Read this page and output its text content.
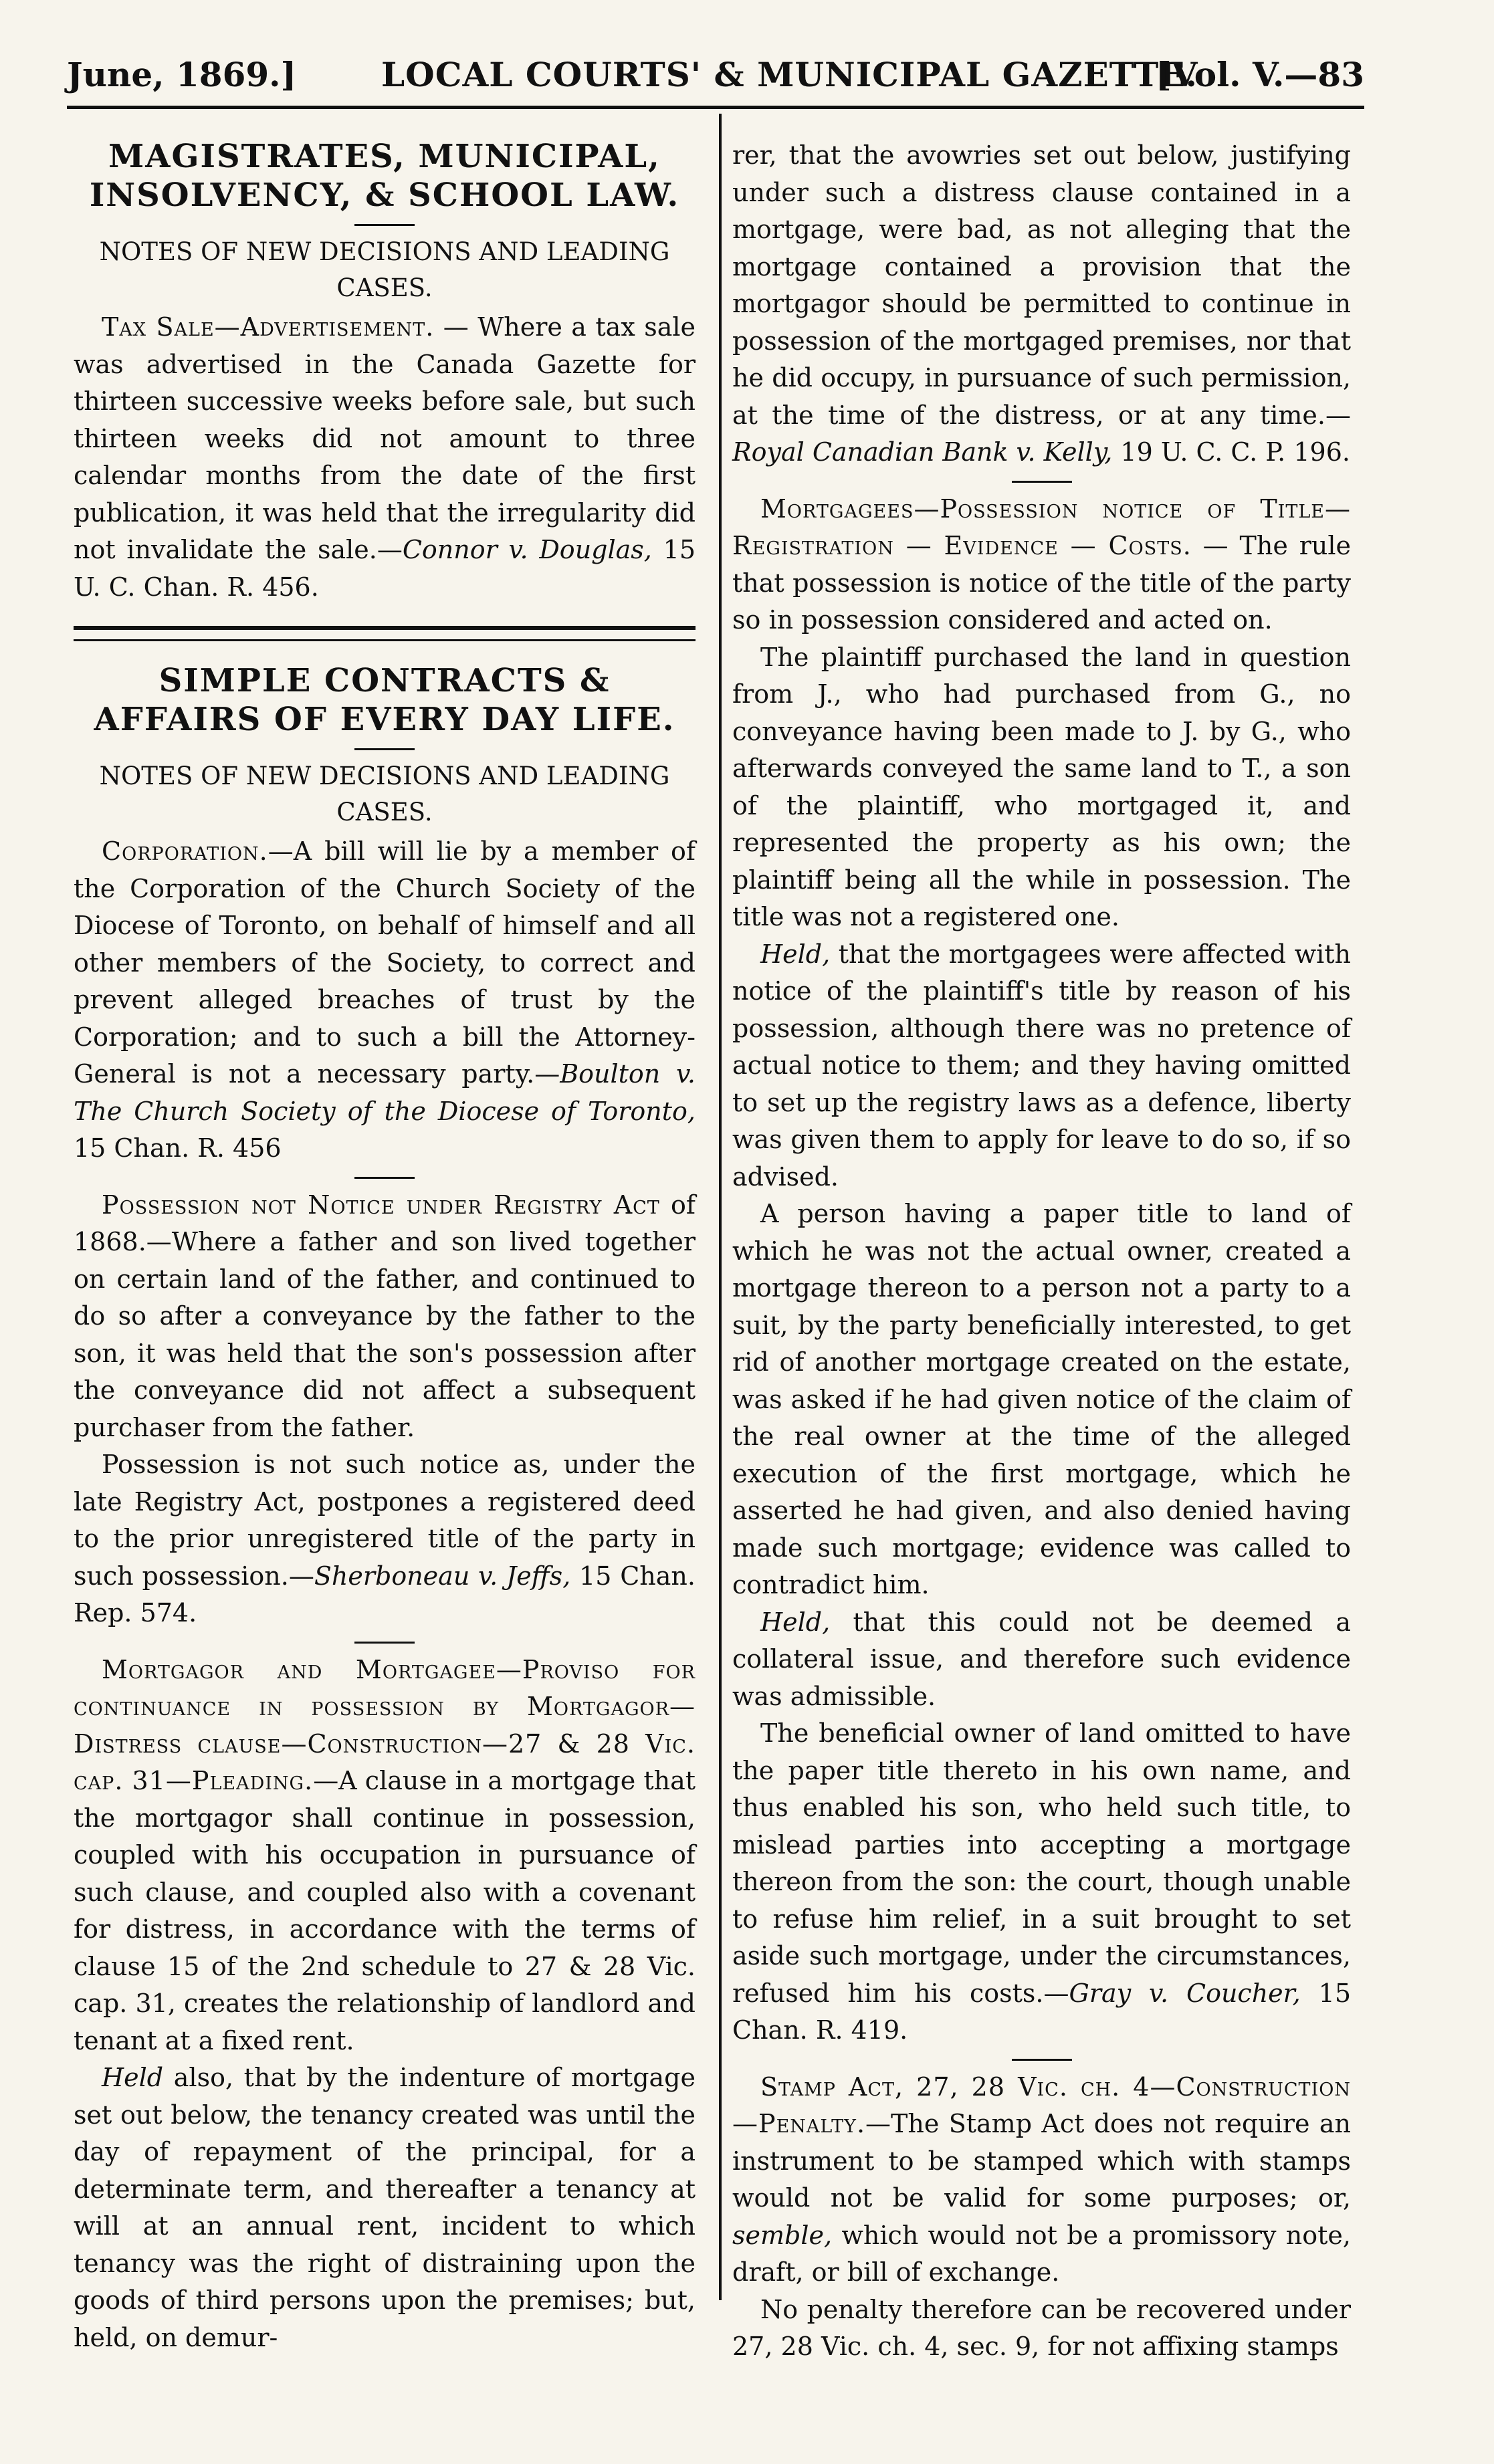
June, 1869.]	LOCAL COURTS' & MUNICIPAL GAZETTE.
[Vol. V.—83
MAGISTRATES, MUNICIPAL, INSOLVENCY, & SCHOOL LAW.
NOTES OF NEW DECISIONS AND LEADING CASES.

Tax Sale—Advertisement. — Where a tax sale was advertised in the Canada Gazette for thirteen successive weeks before sale, but such thirteen weeks did not amount to three calendar months from the date of the first publication, it was held that the irregularity did not invalidate the sale.—Connor v. Douglas, 15 U. C. Chan. R. 456.

SIMPLE CONTRACTS & AFFAIRS OF EVERY DAY LIFE.
NOTES OF NEW DECISIONS AND LEADING CASES.

Corporation.—A bill will lie by a member of the Corporation of the Church Society of the Diocese of Toronto, on behalf of himself and all other members of the Society, to correct and prevent alleged breaches of trust by the Corporation; and to such a bill the Attorney-General is not a necessary party.—Boulton v. The Church Society of the Diocese of Toronto, 15 Chan. R. 456

Possession not Notice under Registry Act of 1868.—Where a father and son lived together on certain land of the father, and continued to do so after a conveyance by the father to the son, it was held that the son's possession after the conveyance did not affect a subsequent purchaser from the father.

Possession is not such notice as, under the late Registry Act, postpones a registered deed to the prior unregistered title of the party in such possession.—Sherboneau v. Jeffs, 15 Chan. Rep. 574.

Mortgagor and Mortgagee—Proviso for continuance in possession by Mortgagor—Distress clause—Construction—27 & 28 Vic. cap. 31—Pleading.—A clause in a mortgage that the mortgagor shall continue in possession, coupled with his occupation in pursuance of such clause, and coupled also with a covenant for distress, in accordance with the terms of clause 15 of the 2nd schedule to 27 & 28 Vic. cap. 31, creates the relationship of landlord and tenant at a fixed rent.

Held also, that by the indenture of mortgage set out below, the tenancy created was until the day of repayment of the principal, for a determinate term, and thereafter a tenancy at will at an annual rent, incident to which tenancy was the right of distraining upon the goods of third persons upon the premises; but, held, on demur-

rer, that the avowries set out below, justifying under such a distress clause contained in a mortgage, were bad, as not alleging that the mortgage contained a provision that the mortgagor should be permitted to continue in possession of the mortgaged premises, nor that he did occupy, in pursuance of such permission, at the time of the distress, or at any time.—Royal Canadian Bank v. Kelly, 19 U. C. C. P. 196.

Mortgagees—Possession notice of Title—Registration — Evidence — Costs. — The rule that possession is notice of the title of the party so in possession considered and acted on.

The plaintiff purchased the land in question from J., who had purchased from G., no conveyance having been made to J. by G., who afterwards conveyed the same land to T., a son of the plaintiff, who mortgaged it, and represented the property as his own; the plaintiff being all the while in possession. The title was not a registered one.

Held, that the mortgagees were affected with notice of the plaintiff's title by reason of his possession, although there was no pretence of actual notice to them; and they having omitted to set up the registry laws as a defence, liberty was given them to apply for leave to do so, if so advised.

A person having a paper title to land of which he was not the actual owner, created a mortgage thereon to a person not a party to a suit, by the party beneficially interested, to get rid of another mortgage created on the estate, was asked if he had given notice of the claim of the real owner at the time of the alleged execution of the first mortgage, which he asserted he had given, and also denied having made such mortgage; evidence was called to contradict him.

Held, that this could not be deemed a collateral issue, and therefore such evidence was admissible.

The beneficial owner of land omitted to have the paper title thereto in his own name, and thus enabled his son, who held such title, to mislead parties into accepting a mortgage thereon from the son: the court, though unable to refuse him relief, in a suit brought to set aside such mortgage, under the circumstances, refused him his costs.—Gray v. Coucher, 15 Chan. R. 419.

Stamp Act, 27, 28 Vic. ch. 4—Construction—Penalty.—The Stamp Act does not require an instrument to be stamped which with stamps would not be valid for some purposes; or, semble, which would not be a promissory note, draft, or bill of exchange.

No penalty therefore can be recovered under 27, 28 Vic. ch. 4, sec. 9, for not affixing stamps
